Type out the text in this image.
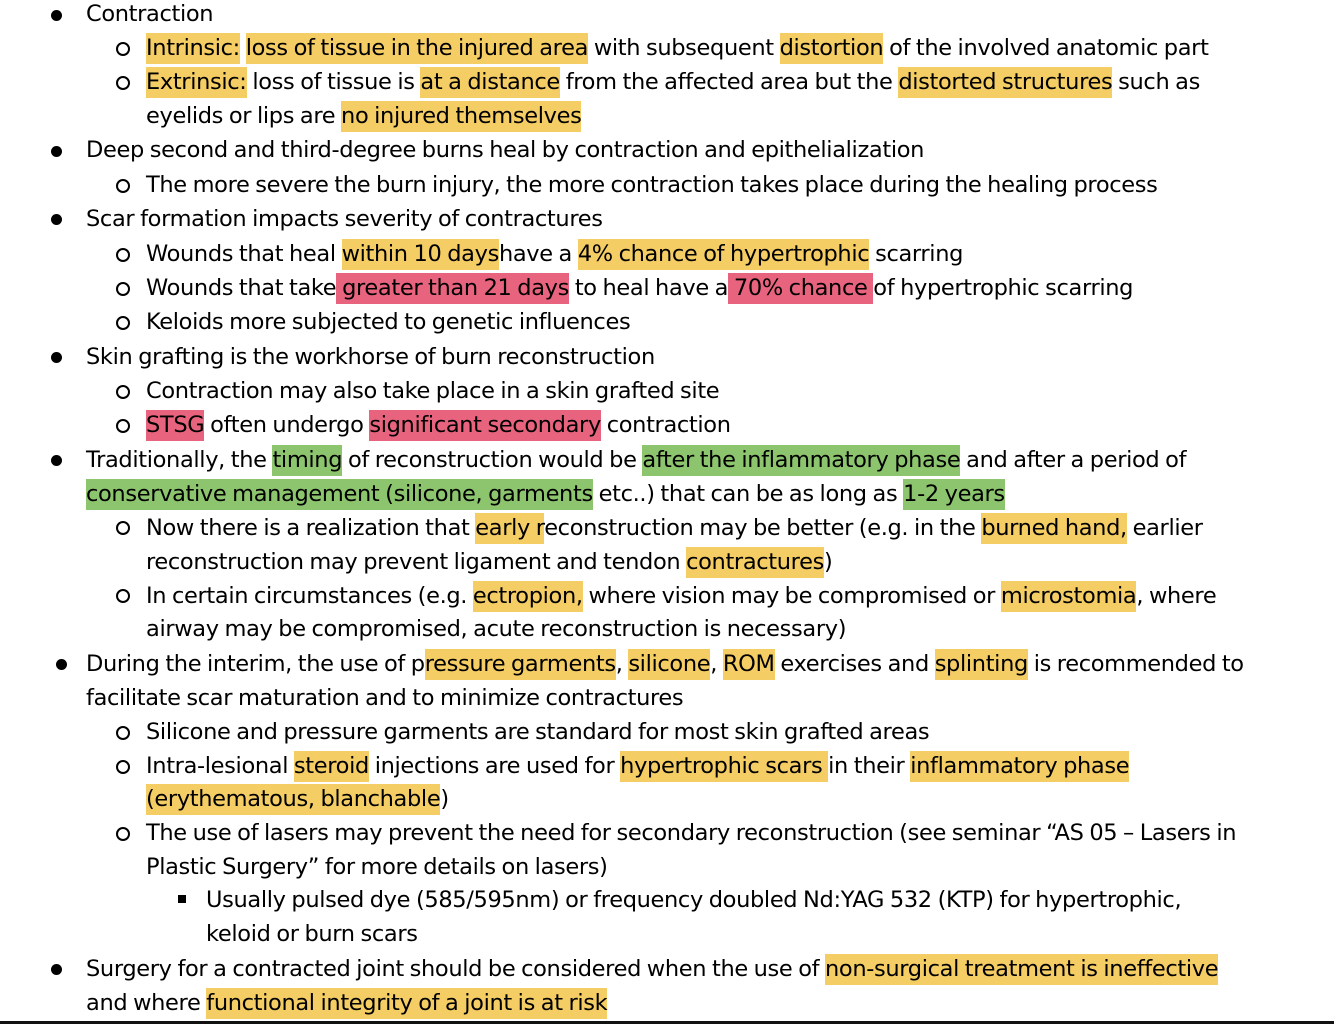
Contraction
Intrinsic: loss of tissue in the injured area with subsequent distortion of the involved anatomic part
Extrinsic: loss of tissue is at a distance from the affected area but the distorted structures such as
eyelids or lips are no injured themselves
Deep second and third-degree burns heal by contraction and epithelialization
The more severe the burn injury, the more contraction takes place during the healing process
Scar formation impacts severity of contractures
Wounds that heal within 10 dayshave a 4% chance of hypertrophic scarring
Wounds that take greater than 21 days to heal have a 70% chance of hypertrophic scarring
Keloids more subjected to genetic influences
Skin grafting is the workhorse of burn reconstruction
Contraction may also take place in a skin grafted site
STSG often undergo significant secondary contraction
Traditionally, the timing of reconstruction would be after the inflammatory phase and after a period of
conservative management (silicone, garments etc..) that can be as long as 1-2 years
Now there is a realization that early reconstruction may be better (e.g. in the burned hand, earlier
reconstruction may prevent ligament and tendon contractures)
In certain circumstances (e.g. ectropion, where vision may be compromised or microstomia, where
airway may be compromised, acute reconstruction is necessary)
During the interim, the use of pressure garments, silicone, ROM exercises and splinting is recommended to
facilitate scar maturation and to minimize contractures
Silicone and pressure garments are standard for most skin grafted areas
Intra-lesional steroid injections are used for hypertrophic scars in their inflammatory phase
(erythematous, blanchable)
The use of lasers may prevent the need for secondary reconstruction (see seminar “AS 05 – Lasers in
Plastic Surgery” for more details on lasers)
Usually pulsed dye (585/595nm) or frequency doubled Nd:YAG 532 (KTP) for hypertrophic,
keloid or burn scars
Surgery for a contracted joint should be considered when the use of non-surgical treatment is ineffective
and where functional integrity of a joint is at risk
